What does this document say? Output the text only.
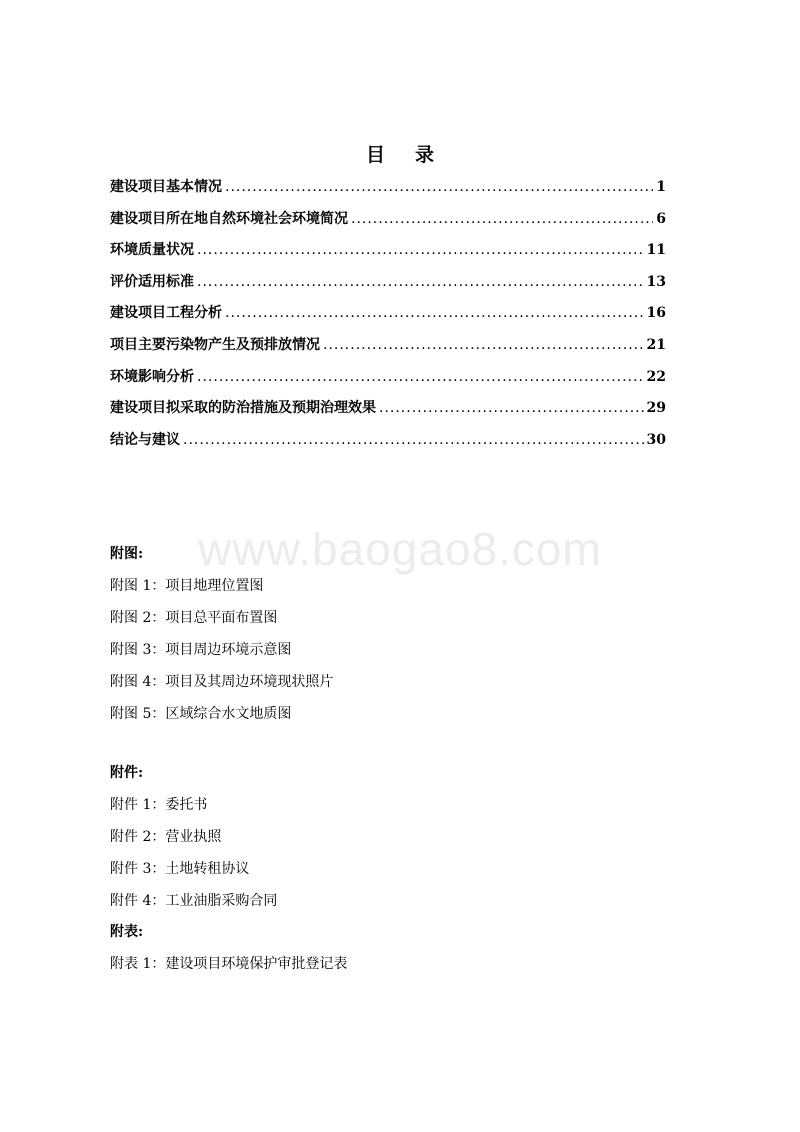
目 录
建设项目基本情况 .....	1
建设项目所在地自然环境社会环境简况 .....	6
环境质量状况 .....	11
评价适用标准 .....	13
建设项目工程分析 .....	16
项目主要污染物产生及预排放情况 .....	21
环境影响分析 .....	22
建设项目拟采取的防治措施及预期治理效果 .....	29
结论与建议 .....	30
www.baogao8.com
附图:
附图 1：项目地理位置图
附图 2：项目总平面布置图
附图 3：项目周边环境示意图
附图 4：项目及其周边环境现状照片
附图 5：区域综合水文地质图
附件:
附件 1：委托书
附件 2：营业执照
附件 3：土地转租协议
附件 4：工业油脂采购合同
附表:
附表 1：建设项目环境保护审批登记表
